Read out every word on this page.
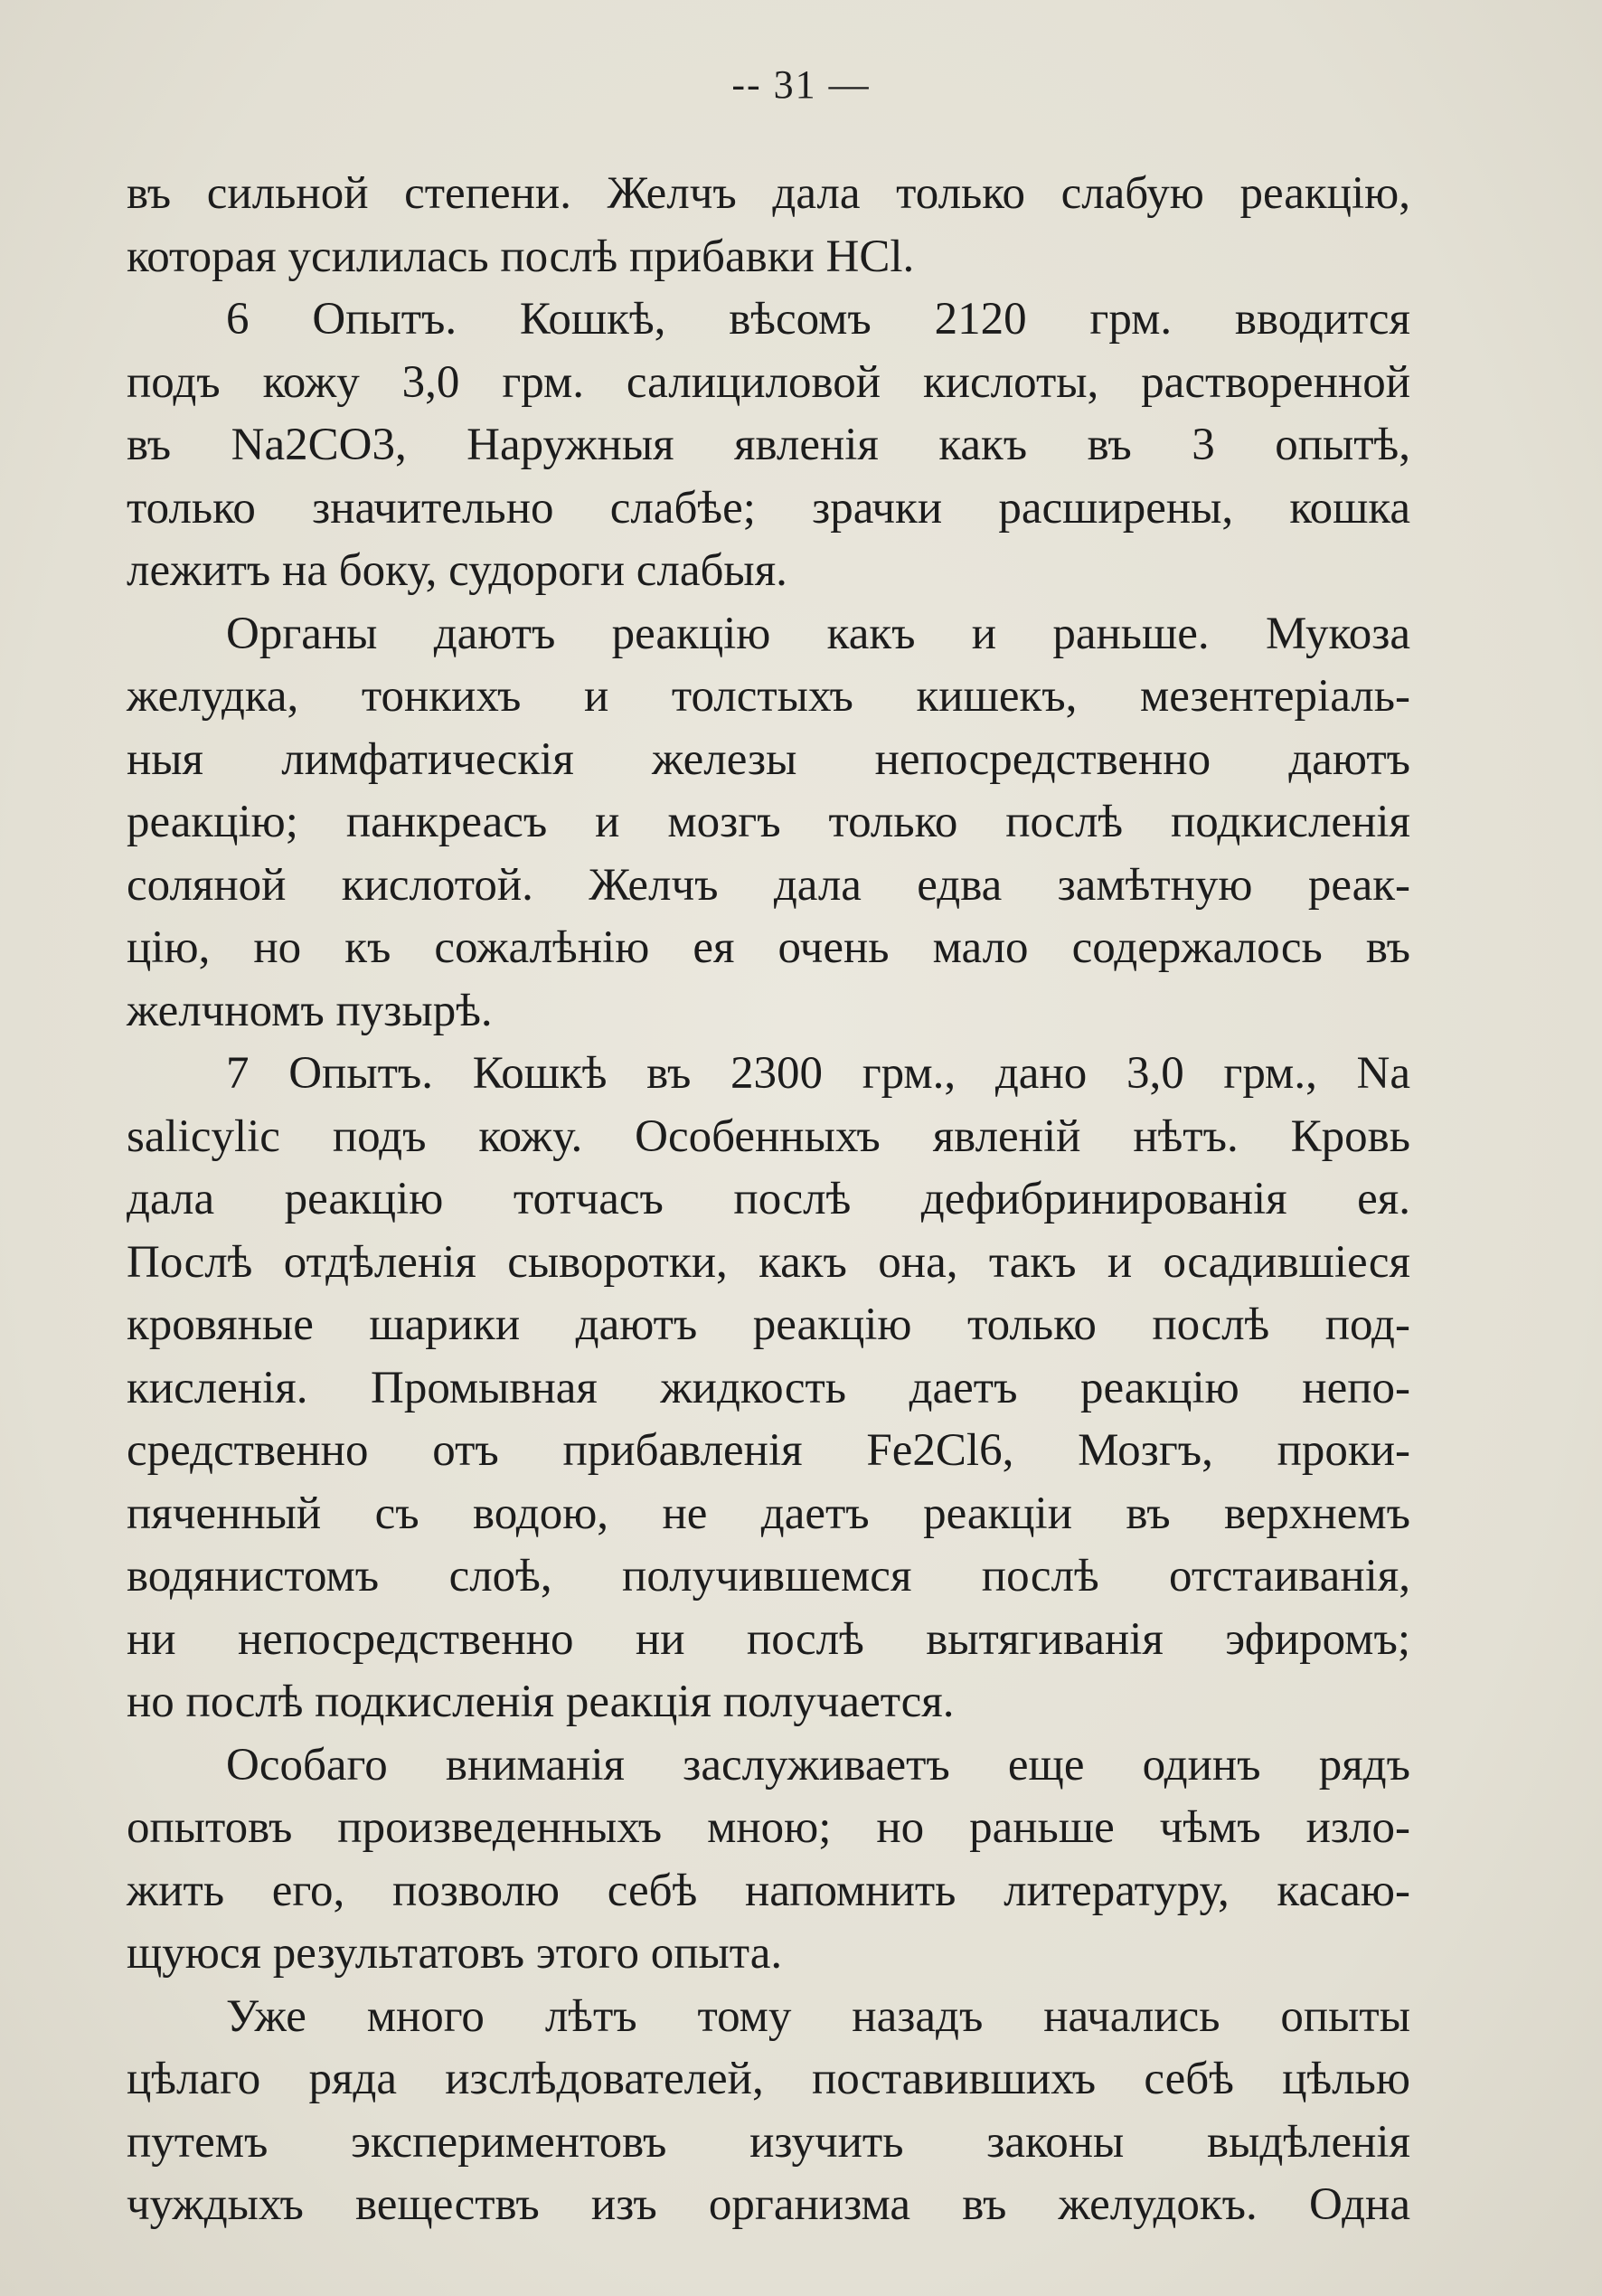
-- 31 —
въ сильной степени. Желчъ дала только слабую реакцію,
которая усилилась послѣ прибавки HCl.
6 Опытъ. Кошкѣ, вѣсомъ 2120 грм. вводится
подъ кожу 3,0 грм. салициловой кислоты, растворенной
въ Na2CO3, Наружныя явленія какъ въ 3 опытѣ,
только значительно слабѣе; зрачки расширены, кошка
лежитъ на боку, судороги слабыя.
Органы даютъ реакцію какъ и раньше. Мукоза
желудка, тонкихъ и толстыхъ кишекъ, мезентеріаль-
ныя лимфатическія железы непосредственно даютъ
реакцію; панкреасъ и мозгъ только послѣ подкисленія
соляной кислотой. Желчъ дала едва замѣтную реак-
цію, но къ сожалѣнію ея очень мало содержалось въ
желчномъ пузырѣ.
7 Опытъ. Кошкѣ въ 2300 грм., дано 3,0 грм., Na
salicylic подъ кожу. Особенныхъ явленій нѣтъ. Кровь
дала реакцію тотчасъ послѣ дефибринированія ея.
Послѣ отдѣленія сыворотки, какъ она, такъ и осадившіеся
кровяные шарики даютъ реакцію только послѣ под-
кисленія. Промывная жидкость даетъ реакцію непо-
средственно отъ прибавленія Fe2Cl6, Мозгъ, проки-
пяченный съ водою, не даетъ реакціи въ верхнемъ
водянистомъ слоѣ, получившемся послѣ отстаиванія,
ни непосредственно ни послѣ вытягиванія эфиромъ;
но послѣ подкисленія реакція получается.
Особаго вниманія заслуживаетъ еще одинъ рядъ
опытовъ произведенныхъ мною; но раньше чѣмъ изло-
жить его, позволю себѣ напомнить литературу, касаю-
щуюся результатовъ этого опыта.
Уже много лѣтъ тому назадъ начались опыты
цѣлаго ряда изслѣдователей, поставившихъ себѣ цѣлью
путемъ экспериментовъ изучить законы выдѣленія
чуждыхъ веществъ изъ организма въ желудокъ. Одна
